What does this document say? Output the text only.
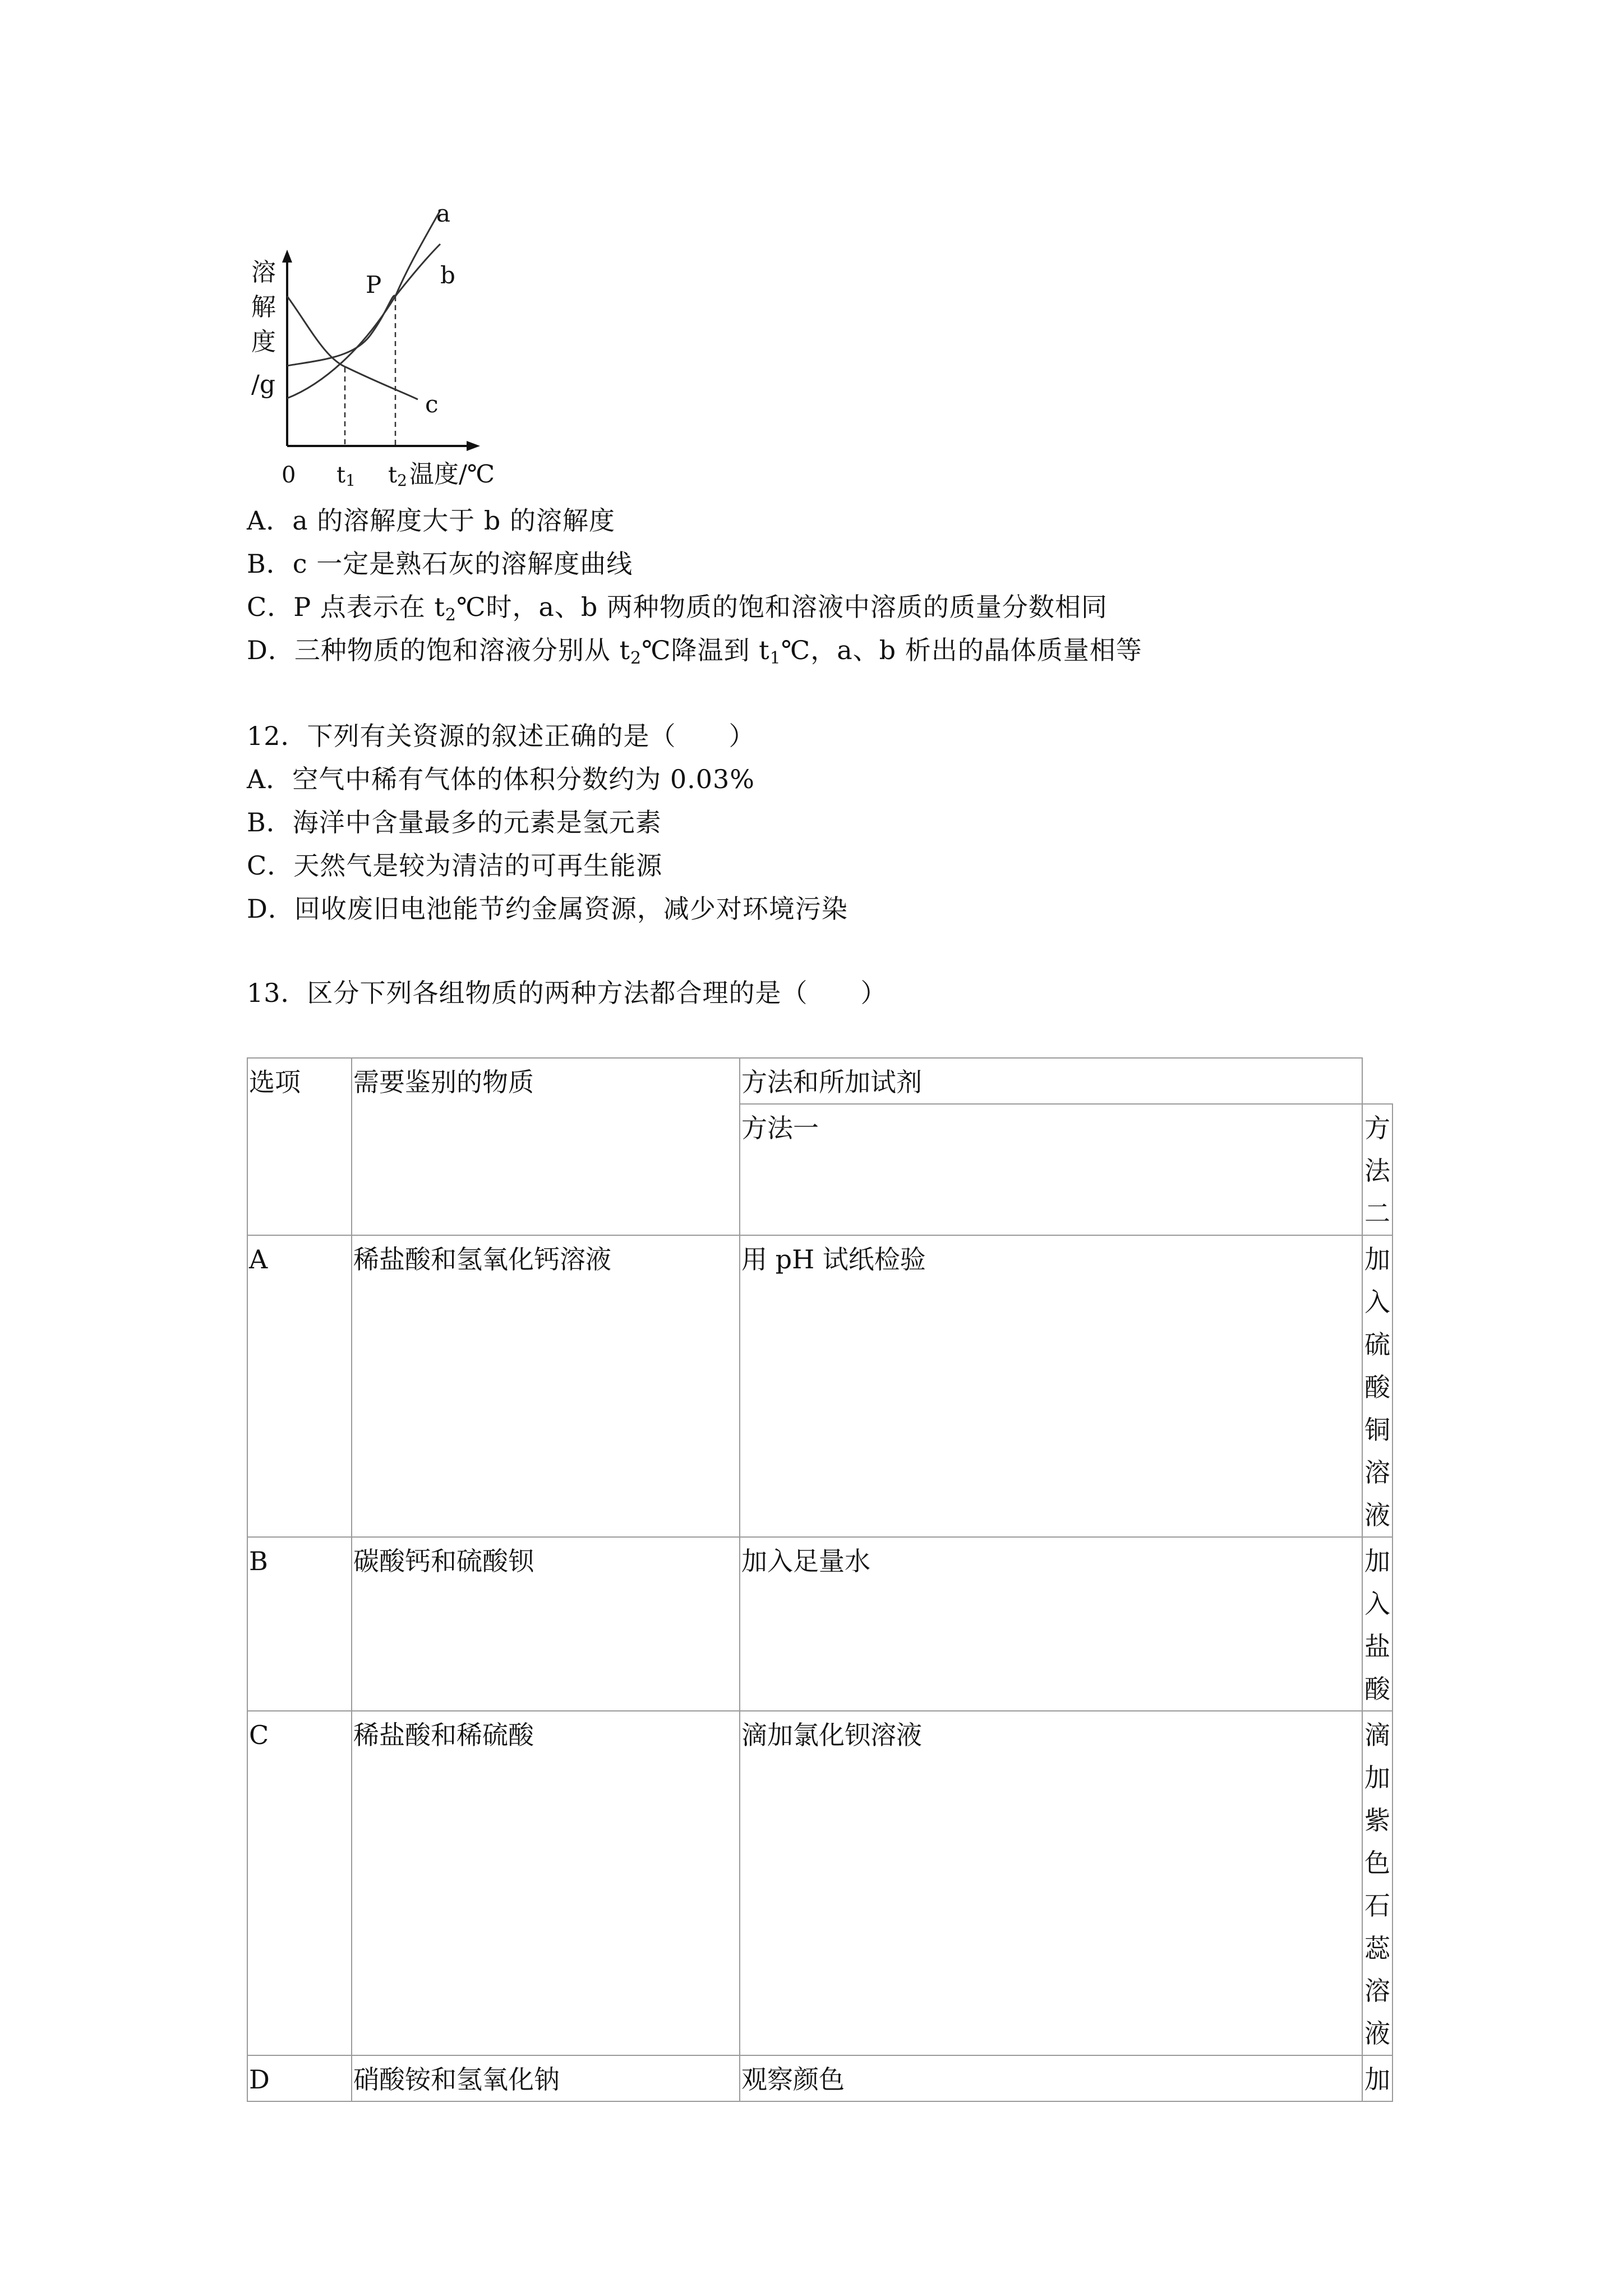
溶
解
度
/g
0 t1 t2 温度/℃
P
a
b
c
A．a 的溶解度大于 b 的溶解度
B．c 一定是熟石灰的溶解度曲线
C．P 点表示在 $t_2℃$时，a、b 两种物质的饱和溶液中溶质的质量分数相同
D．三种物质的饱和溶液分别从 $t_2℃$降温到 $t_1℃$，a、b 析出的晶体质量相等
12．下列有关资源的叙述正确的是（　　）
A．空气中稀有气体的体积分数约为 0.03%
B．海洋中含量最多的元素是氢元素
C．天然气是较为清洁的可再生能源
D．回收废旧电池能节约金属资源，减少对环境污染
13．区分下列各组物质的两种方法都合理的是（　　）
选项	需要鉴别的物质	方法和所加试剂	
		方法一	方法二

A	稀盐酸和氢氧化钙溶液	用 pH 试纸检验	加入硫酸铜溶液

B	碳酸钙和硫酸钡	加入足量水	加入盐酸

C	稀盐酸和稀硫酸	滴加氯化钡溶液	滴加紫色石蕊溶液

D	硝酸铵和氢氧化钠	观察颜色	加
